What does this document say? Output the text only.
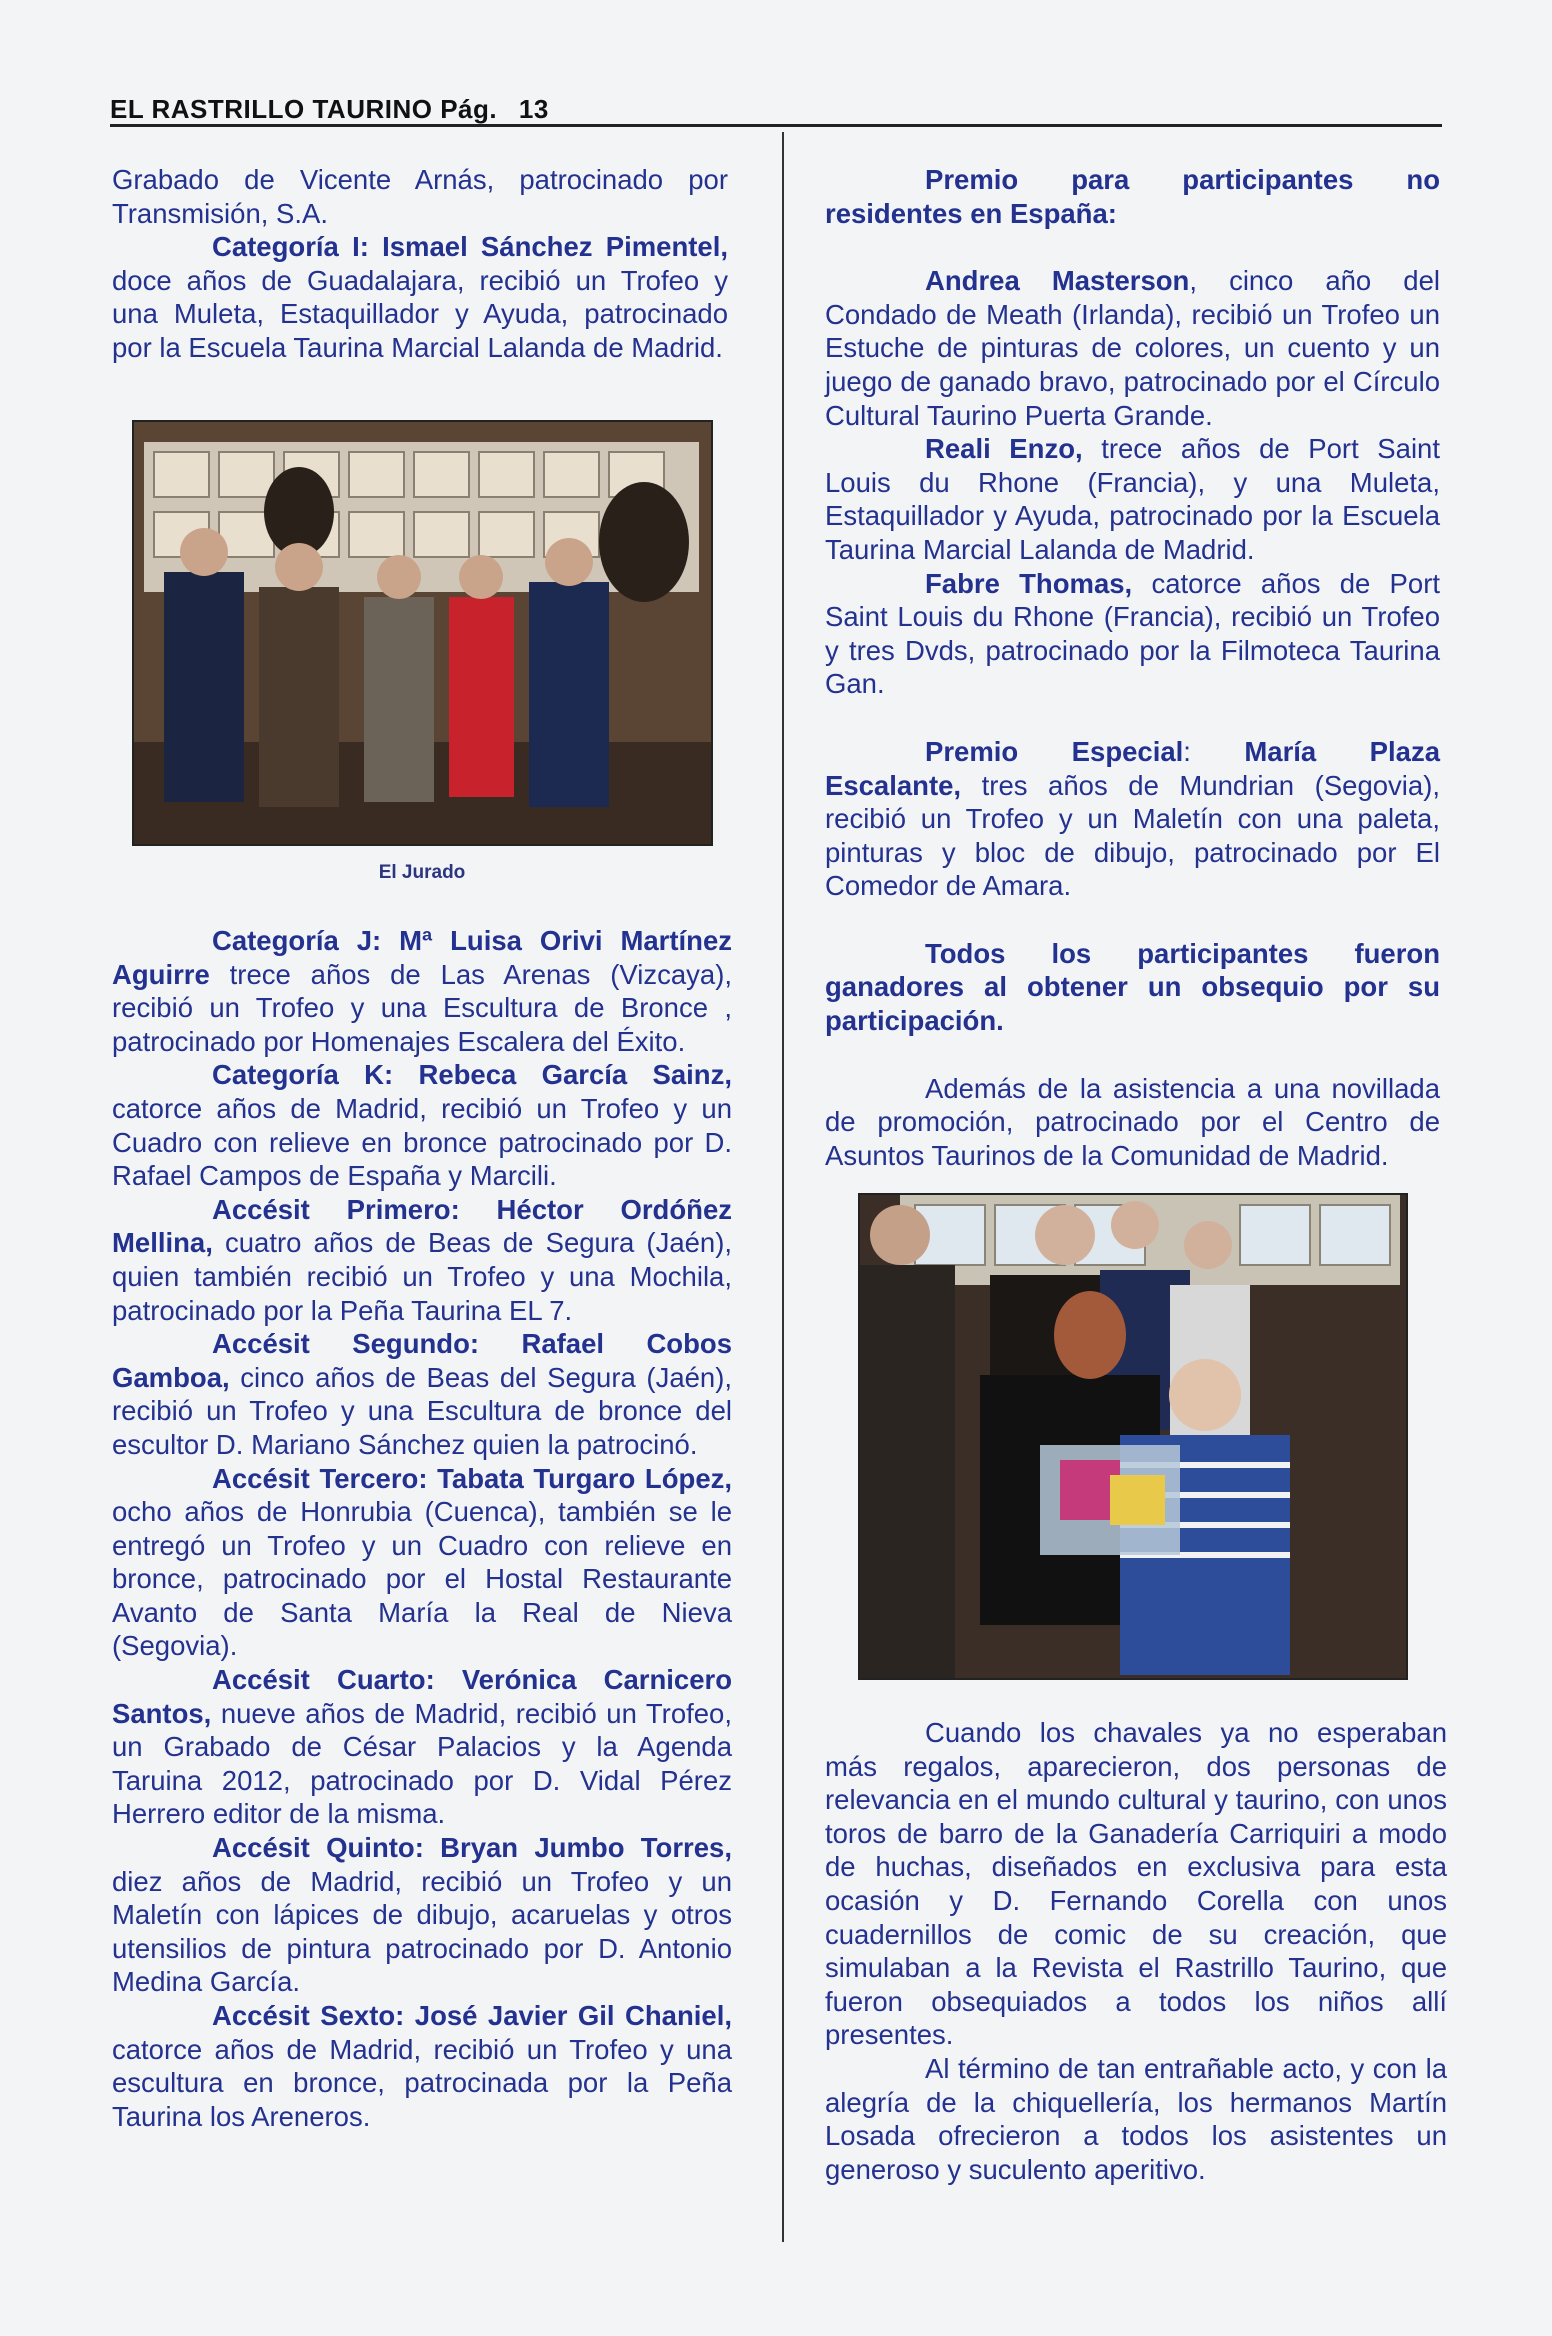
EL RASTRILLO TAURINO Pág. 13

Grabado de Vicente Arnás, patrocinado por Transmisión, S.A.

Categoría I: Ismael Sánchez Pimentel, doce años de Guadalajara, recibió un Trofeo y una Muleta, Estaquillador y Ayuda, patrocinado por la Escuela Taurina Marcial Lalanda de Madrid.

El Jurado

Categoría J: Mª Luisa Orivi Martínez Aguirre trece años de Las Arenas (Vizcaya), recibió un Trofeo y una Escultura de Bronce , patrocinado por Homenajes Escalera del Éxito.

Categoría K: Rebeca García Sainz, catorce años de Madrid, recibió un Trofeo y un Cuadro con relieve en bronce patrocinado por D. Rafael Campos de España y Marcili.

Accésit Primero: Héctor Ordóñez Mellina, cuatro años de Beas de Segura (Jaén), quien también recibió un Trofeo y una Mochila, patrocinado por la Peña Taurina EL 7.

Accésit Segundo: Rafael Cobos Gamboa, cinco años de Beas del Segura (Jaén), recibió un Trofeo y una Escultura de bronce del escultor D. Mariano Sánchez quien la patrocinó.

Accésit Tercero: Tabata Turgaro López, ocho años de Honrubia (Cuenca), también se le entregó un Trofeo y un Cuadro con relieve en bronce, patrocinado por el Hostal Restaurante Avanto de Santa María la Real de Nieva (Segovia).

Accésit Cuarto: Verónica Carnicero Santos, nueve años de Madrid, recibió un Trofeo, un Grabado de César Palacios y la Agenda Taruina 2012, patrocinado por D. Vidal Pérez Herrero editor de la misma.

Accésit Quinto: Bryan Jumbo Torres, diez años de Madrid, recibió un Trofeo y un Maletín con lápices de dibujo, acaruelas y otros utensilios de pintura patrocinado por D. Antonio Medina García.

Accésit Sexto: José Javier Gil Chaniel, catorce años de Madrid, recibió un Trofeo y una escultura en bronce, patrocinada por la Peña Taurina los Areneros.

Premio para participantes no residentes en España:

Andrea Masterson, cinco año del Condado de Meath (Irlanda), recibió un Trofeo un Estuche de pinturas de colores, un cuento y un juego de ganado bravo, patrocinado por el Círculo Cultural Taurino Puerta Grande.

Reali Enzo, trece años de Port Saint Louis du Rhone (Francia), y una Muleta, Estaquillador y Ayuda, patrocinado por la Escuela Taurina Marcial Lalanda de Madrid.

Fabre Thomas, catorce años de Port Saint Louis du Rhone (Francia), recibió un Trofeo y tres Dvds, patrocinado por la Filmoteca Taurina Gan.

Premio Especial: María Plaza Escalante, tres años de Mundrian (Segovia), recibió un Trofeo y un Maletín con una paleta, pinturas y bloc de dibujo, patrocinado por El Comedor de Amara.

Todos los participantes fueron ganadores al obtener un obsequio por su participación.

Además de la asistencia a una novillada de promoción, patrocinado por el Centro de Asuntos Taurinos de la Comunidad de Madrid.

Cuando los chavales ya no esperaban más regalos, aparecieron, dos personas de relevancia en el mundo cultural y taurino, con unos toros de barro de la Ganadería Carriquiri a modo de huchas, diseñados en exclusiva para esta ocasión y D. Fernando Corella con unos cuadernillos de comic de su creación, que simulaban a la Revista el Rastrillo Taurino, que fueron obsequiados a todos los niños allí presentes.

Al término de tan entrañable acto, y con la alegría de la chiquellería, los hermanos Martín Losada ofrecieron a todos los asistentes un generoso y suculento aperitivo.
